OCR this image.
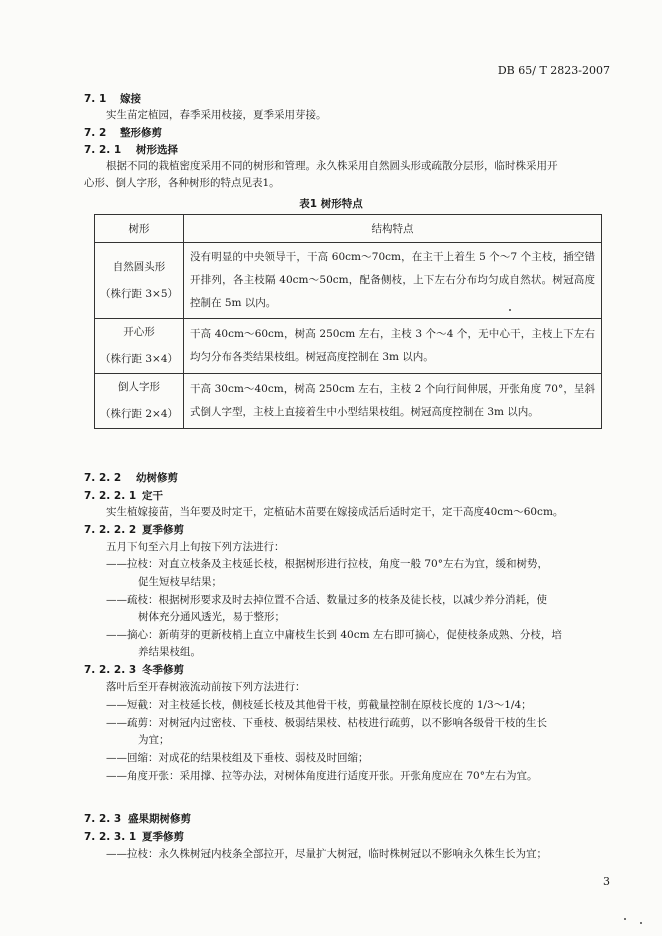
DB 65/ T 2823-2007
7. 1 嫁接
实生苗定植园，春季采用枝接，夏季采用芽接。
7. 2 整形修剪
7. 2. 1 树形选择
根据不同的栽植密度采用不同的树形和管理。永久株采用自然圆头形或疏散分层形，临时株采用开
心形、倒人字形，各种树形的特点见表1。
表1 树形特点
树形	结构特点

自然圆头形
（株行距 3×5）	没有明显的中央领导干，干高 60cm～70cm，在主干上着生 5 个～7 个主枝，插空错开排列，各主枝隔 40cm～50cm，配备侧枝，上下左右分布均匀成自然状。树冠高度控制在 5m 以内。

开心形
（株行距 3×4）	干高 40cm～60cm，树高 250cm 左右，主枝 3 个～4 个，无中心干，主枝上下左右均匀分布各类结果枝组。树冠高度控制在 3m 以内。

倒人字形
（株行距 2×4）	干高 30cm～40cm，树高 250cm 左右，主枝 2 个向行间伸展，开张角度 70°，呈斜式倒人字型，主枝上直接着生中小型结果枝组。树冠高度控制在 3m 以内。
7. 2. 2 幼树修剪
7. 2. 2. 1 定干
实生植嫁接苗，当年要及时定干，定植砧木苗要在嫁接成活后适时定干，定干高度40cm～60cm。
7. 2. 2. 2 夏季修剪
五月下旬至六月上旬按下列方法进行：
——拉枝：对直立枝条及主枝延长枝，根据树形进行拉枝，角度一般 70°左右为宜，缓和树势，
促生短枝早结果；
——疏枝：根据树形要求及时去掉位置不合适、数量过多的枝条及徒长枝，以减少养分消耗，使
树体充分通风透光，易于整形；
——摘心：新萌芽的更新枝梢上直立中庸枝生长到 40cm 左右即可摘心，促使枝条成熟、分枝，培
养结果枝组。
7. 2. 2. 3 冬季修剪
落叶后至开春树液流动前按下列方法进行：
——短截：对主枝延长枝，侧枝延长枝及其他骨干枝，剪截量控制在原枝长度的 1/3～1/4；
——疏剪：对树冠内过密枝、下垂枝、极弱结果枝、枯枝进行疏剪，以不影响各级骨干枝的生长
为宜；
——回缩：对成花的结果枝组及下垂枝、弱枝及时回缩；
——角度开张：采用撑、拉等办法，对树体角度进行适度开张。开张角度应在 70°左右为宜。
7. 2. 3 盛果期树修剪
7. 2. 3. 1 夏季修剪
——拉枝：永久株树冠内枝条全部拉开，尽量扩大树冠，临时株树冠以不影响永久株生长为宜；
3
